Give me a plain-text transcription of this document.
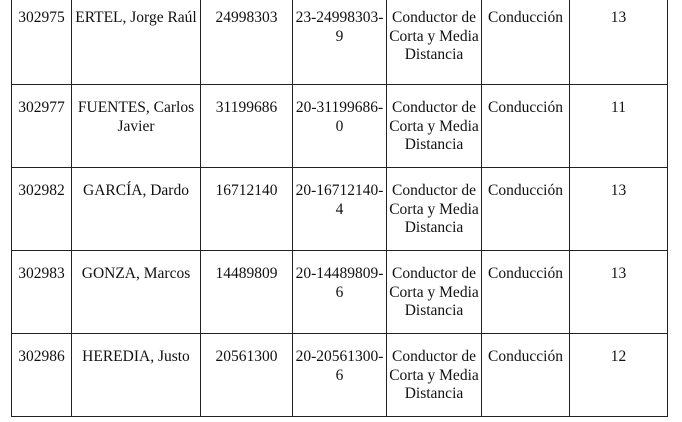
302975	ERTEL, Jorge Raúl	24998303	23-24998303-9	Conductor de Corta y Media Distancia	Conducción	13
302977	FUENTES, Carlos Javier	31199686	20-31199686-0	Conductor de Corta y Media Distancia	Conducción	11
302982	GARCÍA, Dardo	16712140	20-16712140-4	Conductor de Corta y Media Distancia	Conducción	13
302983	GONZA, Marcos	14489809	20-14489809-6	Conductor de Corta y Media Distancia	Conducción	13
302986	HEREDIA, Justo	20561300	20-20561300-6	Conductor de Corta y Media Distancia	Conducción	12
